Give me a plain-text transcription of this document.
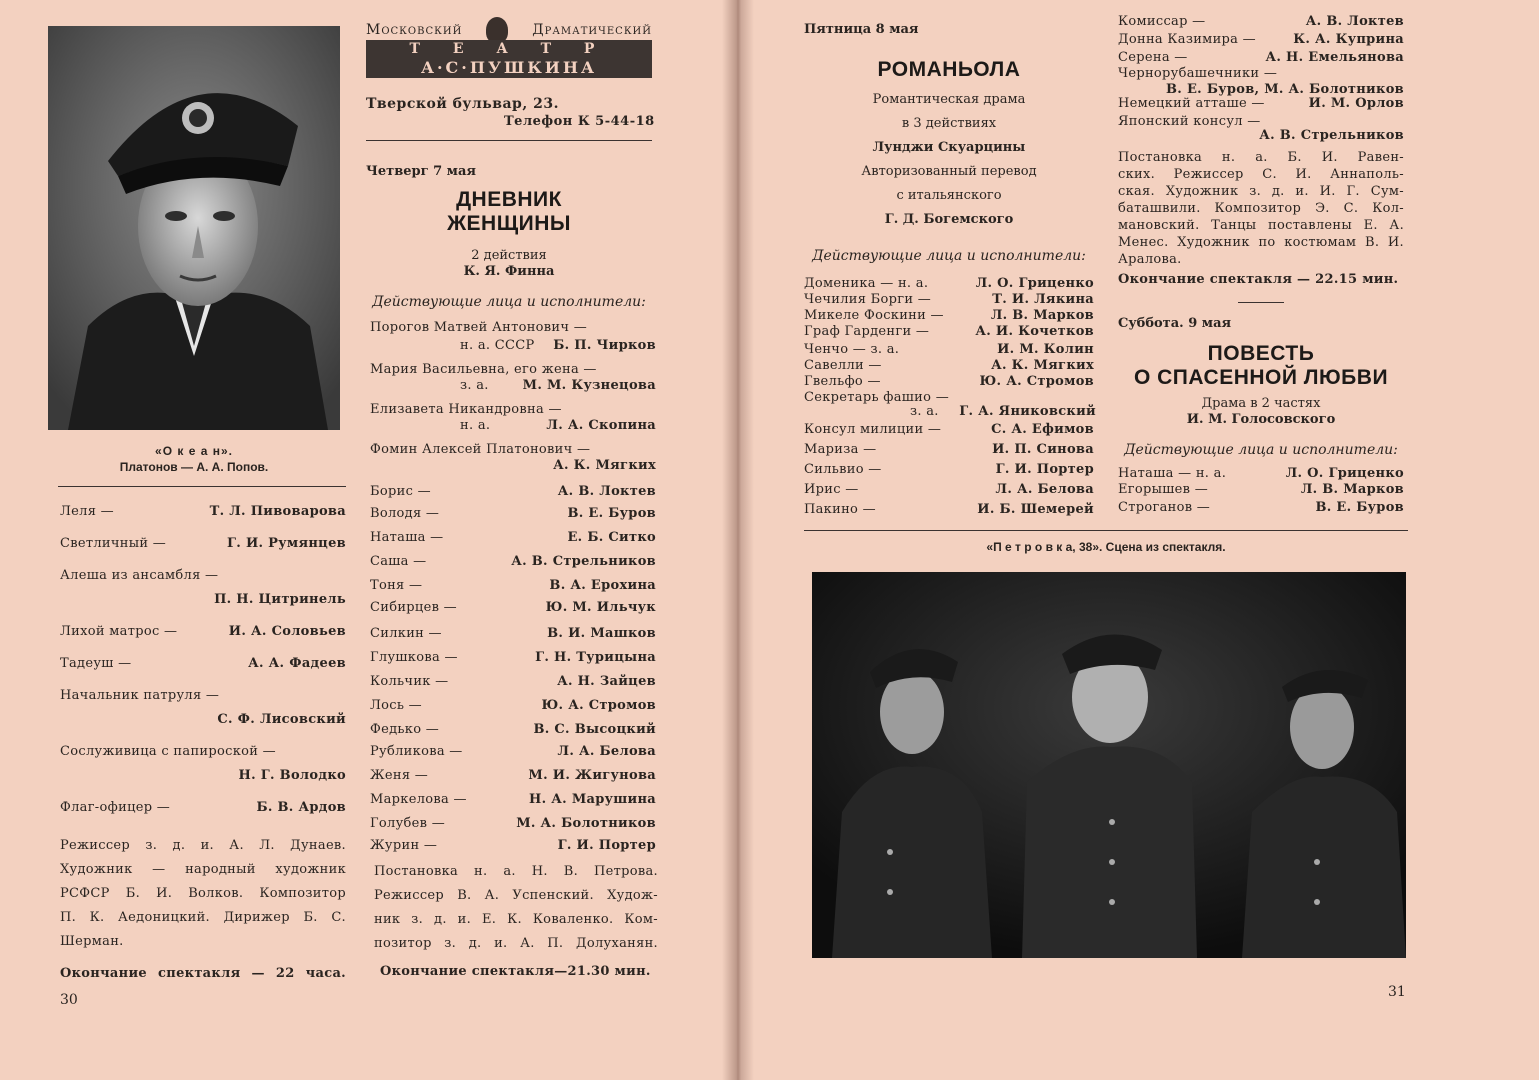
«О к е а н».
Платонов — А. А. Попов.
Леля —	Т. Л. Пивоварова
Светличный —	Г. И. Румянцев
Алеша из ансамбля —
П. Н. Цитринель
Лихой матрос —	И. А. Соловьев
Тадеуш —	А. А. Фадеев
Начальник патруля —
С. Ф. Лисовский
Сослуживица с папироской —
Н. Г. Володко
Флаг-офицер —	Б. В. Ардов
Режиссер з. д. и. А. Л. Дунаев.
Художник — народный художник
РСФСР Б. И. Волков. Композитор
П. К. Аедоницкий. Дирижер Б. С.
Шерман.
Окончание спектакля — 22 часа.
30
Московский	Драматический
Т Е А Т Р
А·С·ПУШКИНА
Тверской бульвар, 23.
Телефон К 5-44-18
Четверг 7 мая
ДНЕВНИК
ЖЕНЩИНЫ
2 действия
К. Я. Финна
Действующие лица и исполнители:
Порогов Матвей Антонович —
н. а. СССР Б. П. Чирков
Мария Васильевна, его жена —
з. а.	М. М. Кузнецова
Елизавета Никандровна —
н. а.	Л. А. Скопина
Фомин Алексей Платонович —
А. К. Мягких
Борис —	А. В. Локтев
Володя —	В. Е. Буров
Наташа —	Е. Б. Ситко
Саша —	А. В. Стрельников
Тоня —	В. А. Ерохина
Сибирцев —	Ю. М. Ильчук
Силкин —	В. И. Машков
Глушкова —	Г. Н. Турицына
Кольчик —	А. Н. Зайцев
Лось —	Ю. А. Стромов
Федько —	В. С. Высоцкий
Рубликова —	Л. А. Белова
Женя —	М. И. Жигунова
Маркелова —	Н. А. Марушина
Голубев —	М. А. Болотников
Журин —	Г. И. Портер
Постановка н. а. Н. В. Петрова.
Режиссер В. А. Успенский. Худож-
ник з. д. и. Е. К. Коваленко. Ком-
позитор з. д. и. А. П. Долуханян.
Окончание спектакля—21.30 мин.
Пятница 8 мая
РОМАНЬОЛА
Романтическая драма
в 3 действиях
Лунджи Скуарцины
Авторизованный перевод
с итальянского
Г. Д. Богемского
Действующие лица и исполнители:
Доменика — н. а.	Л. О. Гриценко
Чечилия Борги —	Т. И. Лякина
Микеле Фоскини —	Л. В. Марков
Граф Гарденги —	А. И. Кочетков
Ченчо — з. а.	И. М. Колин
Савелли —	А. К. Мягких
Гвельфо —	Ю. А. Стромов
Секретарь фашио —
з. а. Г. А. Яниковский
Консул милиции —	С. А. Ефимов
Мариза —	И. П. Синова
Сильвио —	Г. И. Портер
Ирис —	Л. А. Белова
Пакино —	И. Б. Шемерей
Комиссар —	А. В. Локтев
Донна Казимира —	К. А. Куприна
Серена —	А. Н. Емельянова
Чернорубашечники —
В. Е. Буров, М. А. Болотников
Немецкий атташе —	И. М. Орлов
Японский консул —
А. В. Стрельников
Постановка н. а. Б. И. Равен-
ских. Режиссер С. И. Аннаполь-
ская. Художник з. д. и. И. Г. Сум-
баташвили. Композитор Э. С. Кол-
мановский. Танцы поставлены Е. А.
Менес. Художник по костюмам В. И.
Аралова.
Окончание спектакля — 22.15 мин.
Суббота. 9 мая
ПОВЕСТЬ
О СПАСЕННОЙ ЛЮБВИ
Драма в 2 частях
И. М. Голосовского
Действующие лица и исполнители:
Наташа — н. а.	Л. О. Гриценко
Егорышев —	Л. В. Марков
Строганов —	В. Е. Буров
«П е т р о в к а, 38». Сцена из спектакля.
31
